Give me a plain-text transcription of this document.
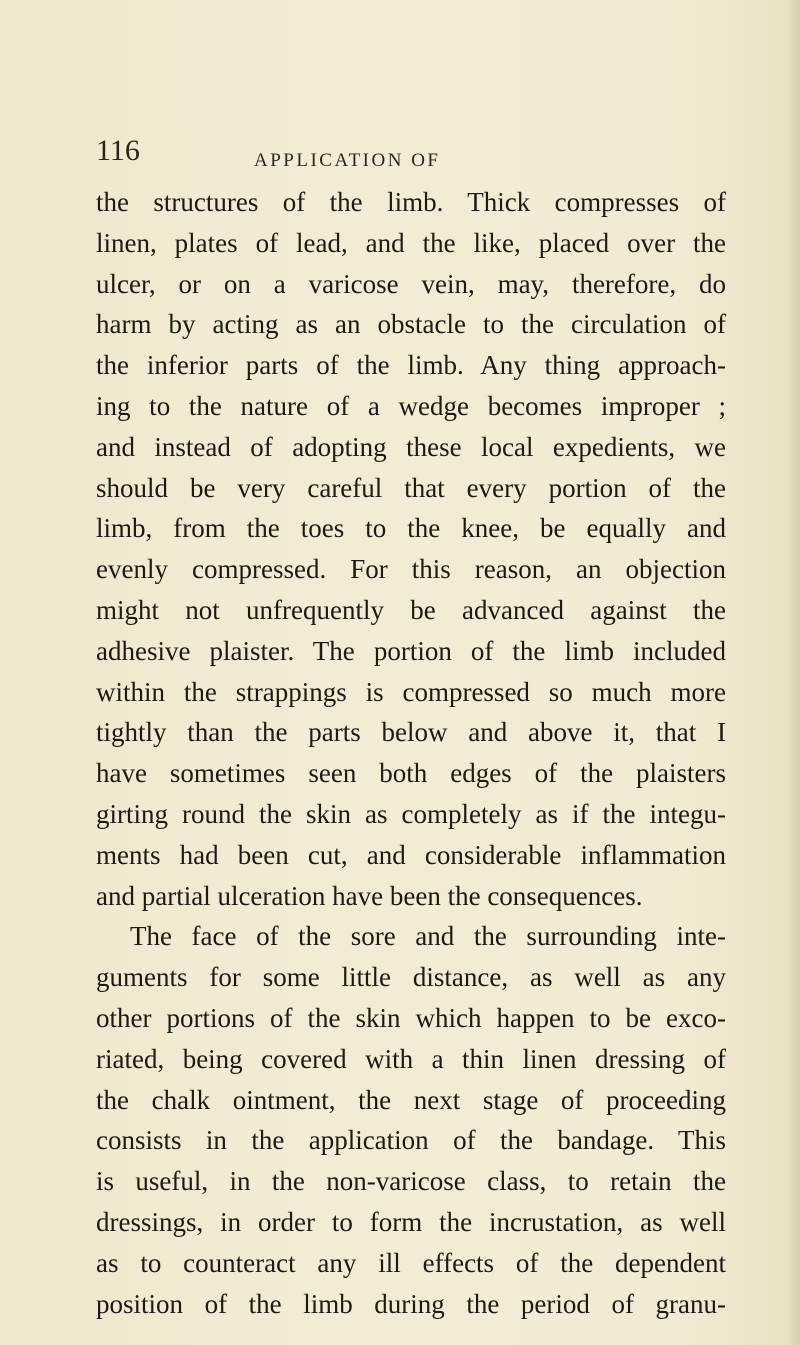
116	APPLICATION OF
the structures of the limb. Thick compresses of
linen, plates of lead, and the like, placed over the
ulcer, or on a varicose vein, may, therefore, do
harm by acting as an obstacle to the circulation of
the inferior parts of the limb. Any thing approach-
ing to the nature of a wedge becomes improper ;
and instead of adopting these local expedients, we
should be very careful that every portion of the
limb, from the toes to the knee, be equally and
evenly compressed. For this reason, an objection
might not unfrequently be advanced against the
adhesive plaister. The portion of the limb included
within the strappings is compressed so much more
tightly than the parts below and above it, that I
have sometimes seen both edges of the plaisters
girting round the skin as completely as if the integu-
ments had been cut, and considerable inflammation
and partial ulceration have been the consequences.
The face of the sore and the surrounding inte-
guments for some little distance, as well as any
other portions of the skin which happen to be exco-
riated, being covered with a thin linen dressing of
the chalk ointment, the next stage of proceeding
consists in the application of the bandage. This
is useful, in the non-varicose class, to retain the
dressings, in order to form the incrustation, as well
as to counteract any ill effects of the dependent
position of the limb during the period of granu-
